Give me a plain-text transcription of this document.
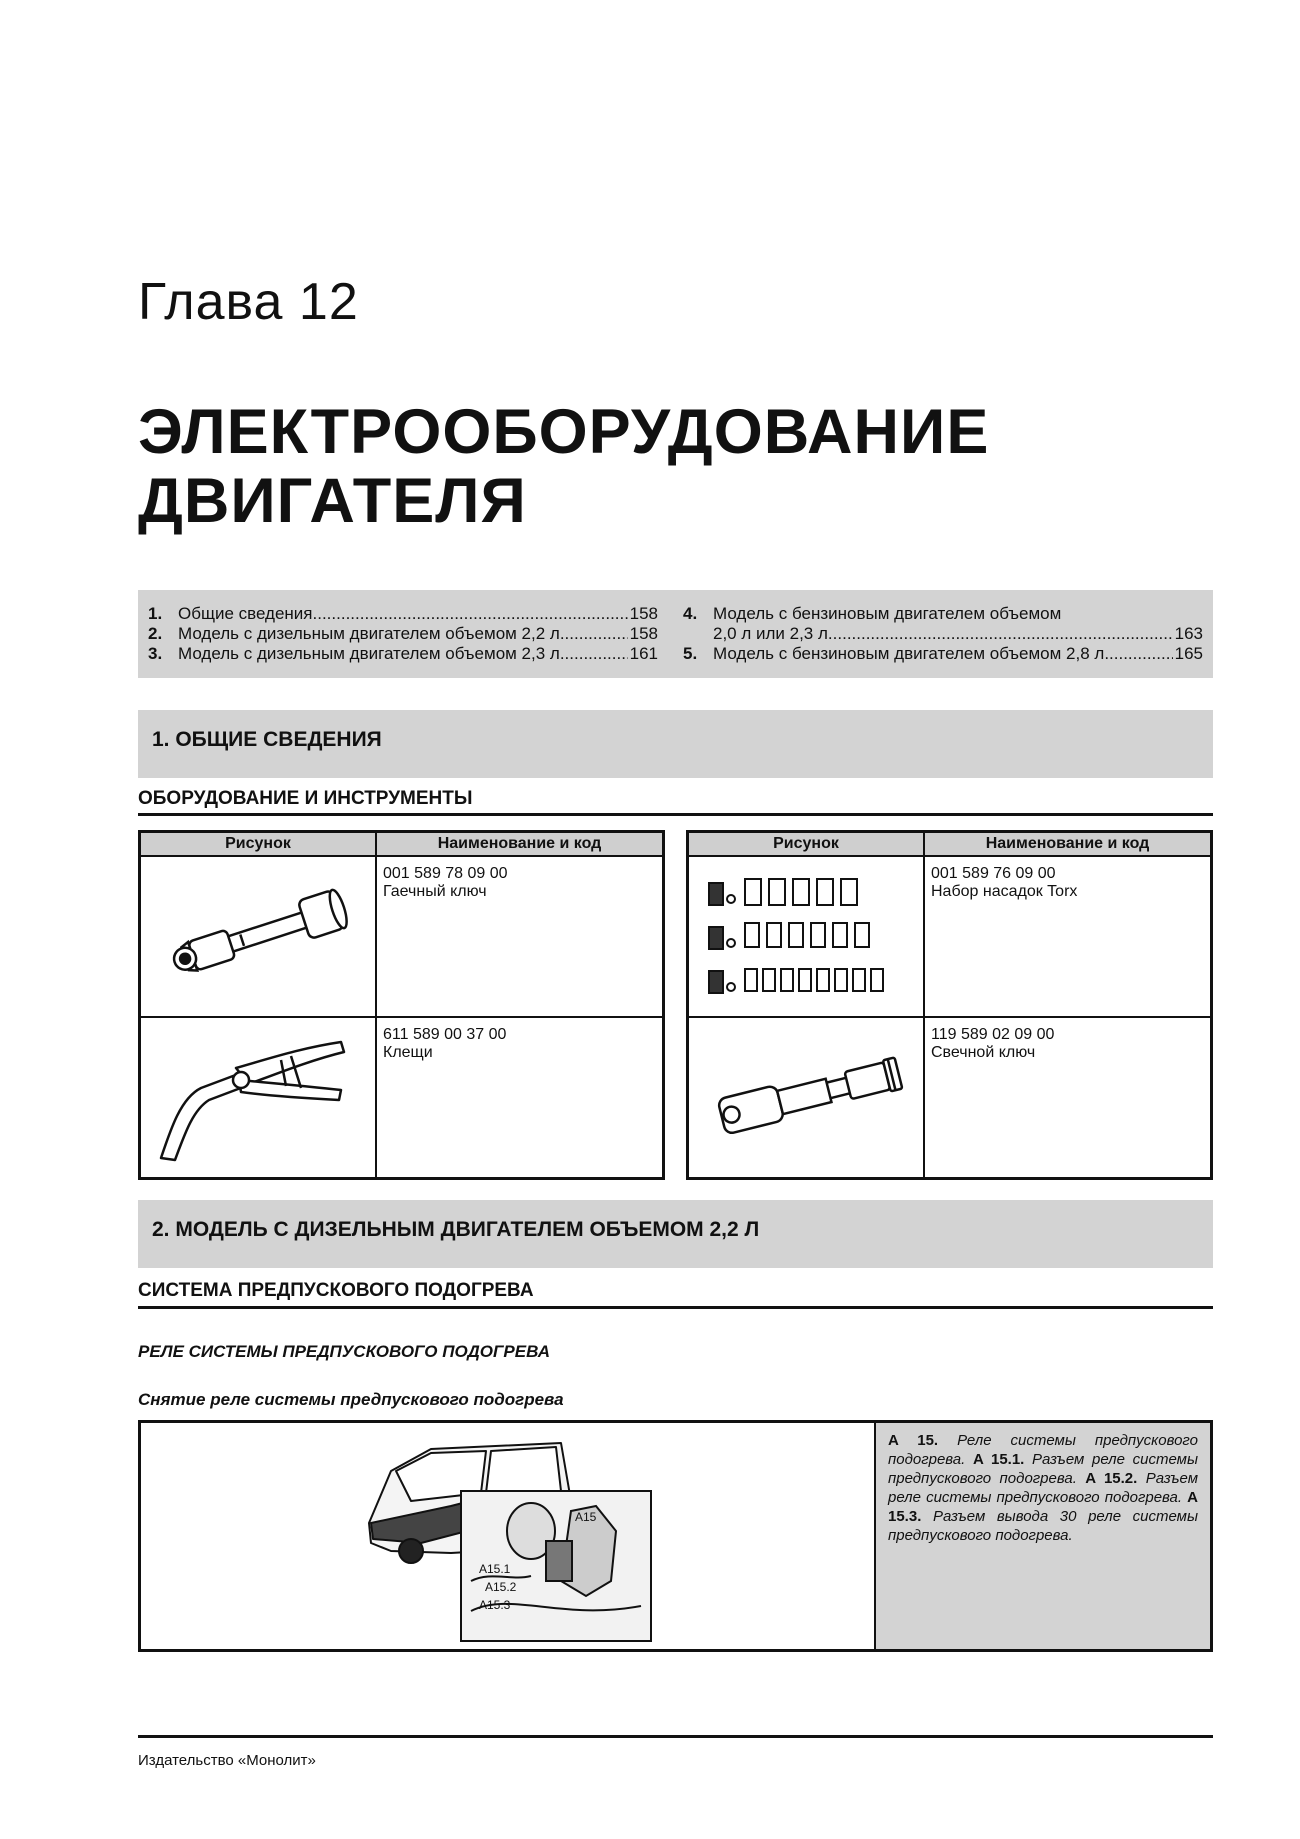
Глава 12
ЭЛЕКТРООБОРУДОВАНИЕ
ДВИГАТЕЛЯ
1. Общие сведения .....	158
2. Модель с дизельным двигателем объемом 2,2 л .....	158
3. Модель с дизельным двигателем объемом 2,3 л .....	161
4. Модель с бензиновым двигателем объемом
2,0 л или 2,3 л .....	163
5. Модель с бензиновым двигателем объемом 2,8 л .....	165
1. ОБЩИЕ СВЕДЕНИЯ
ОБОРУДОВАНИЕ И ИНСТРУМЕНТЫ
Рисунок	Наименование и код

001 589 78 09 00
Гаечный ключ

611 589 00 37 00
Клещи
Рисунок	Наименование и код

001 589 76 09 00
Набор насадок Torx

119 589 02 09 00
Свечной ключ
2. МОДЕЛЬ С ДИЗЕЛЬНЫМ ДВИГАТЕЛЕМ ОБЪЕМОМ 2,2 Л
СИСТЕМА ПРЕДПУСКОВОГО ПОДОГРЕВА
РЕЛЕ СИСТЕМЫ ПРЕДПУСКОВОГО ПОДОГРЕВА
Снятие реле системы предпускового подогрева
A15
A15.1
A15.2
A15.3
A 15. Реле системы предпускового подогрева. A 15.1. Разъем реле системы предпускового подогрева. A 15.2. Разъем реле системы предпускового подогрева. A 15.3. Разъем вывода 30 реле системы предпускового подогрева.
Издательство «Монолит»
